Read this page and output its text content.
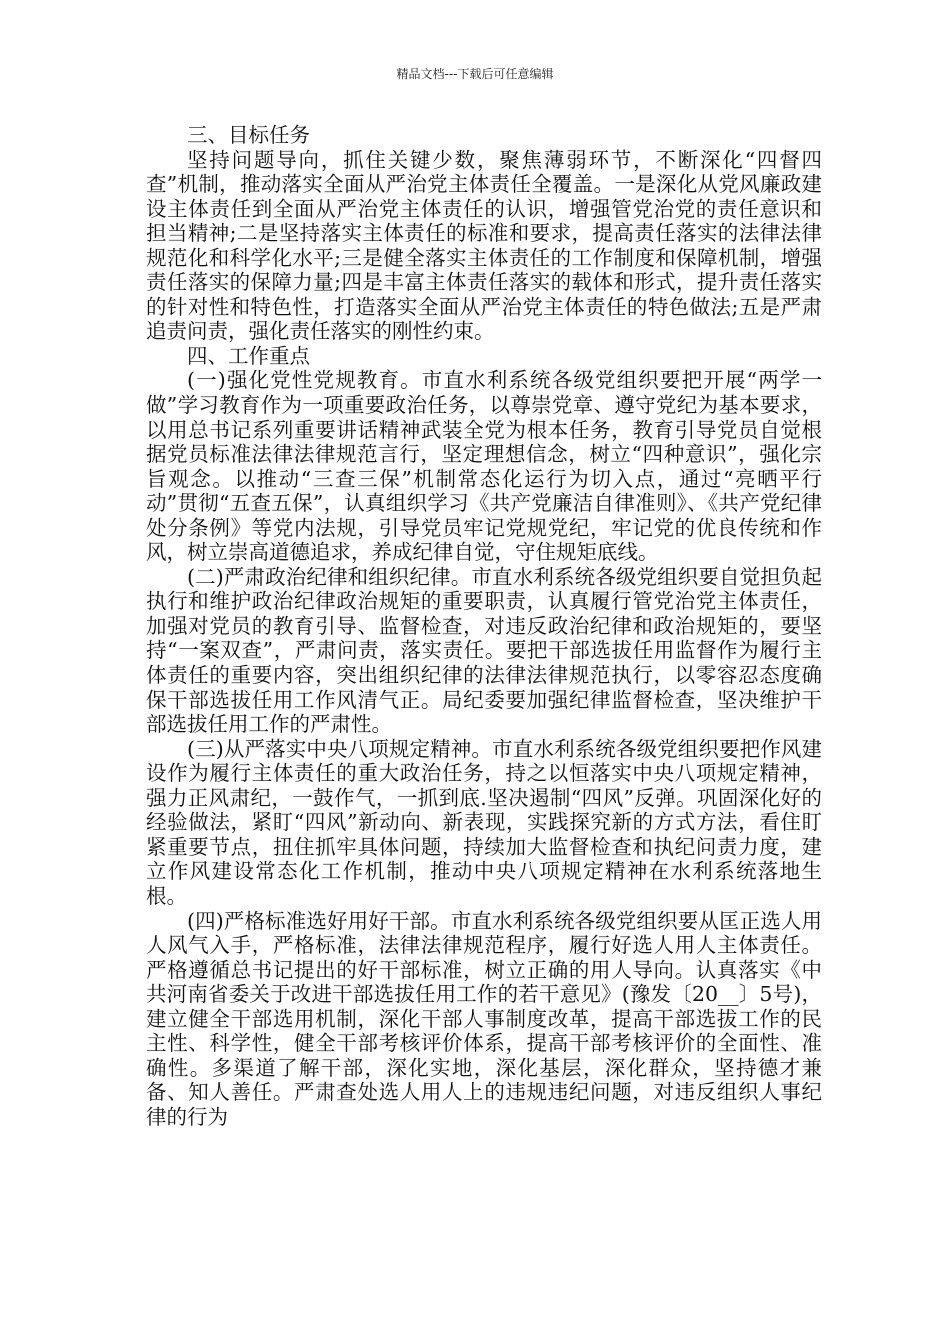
精品文档---下载后可任意编辑

三、目标任务

坚持问题导向，抓住关键少数，聚焦薄弱环节，不断深化“四督四查”机制，推动落实全面从严治党主体责任全覆盖。一是深化从党风廉政建设主体责任到全面从严治党主体责任的认识，增强管党治党的责任意识和担当精神;二是坚持落实主体责任的标准和要求，提高责任落实的法律法律规范化和科学化水平;三是健全落实主体责任的工作制度和保障机制，增强责任落实的保障力量;四是丰富主体责任落实的载体和形式，提升责任落实的针对性和特色性，打造落实全面从严治党主体责任的特色做法;五是严肃追责问责，强化责任落实的刚性约束。

四、工作重点

(一)强化党性党规教育。市直水利系统各级党组织要把开展“两学一做”学习教育作为一项重要政治任务，以尊崇党章、遵守党纪为基本要求，以用总书记系列重要讲话精神武装全党为根本任务，教育引导党员自觉根据党员标准法律法律规范言行，坚定理想信念，树立“四种意识”，强化宗旨观念。以推动“三查三保”机制常态化运行为切入点，通过“亮晒平行动”贯彻“五查五保”，认真组织学习《共产党廉洁自律准则》、《共产党纪律处分条例》等党内法规，引导党员牢记党规党纪，牢记党的优良传统和作风，树立崇高道德追求，养成纪律自觉，守住规矩底线。

(二)严肃政治纪律和组织纪律。市直水利系统各级党组织要自觉担负起执行和维护政治纪律政治规矩的重要职责，认真履行管党治党主体责任，加强对党员的教育引导、监督检查，对违反政治纪律和政治规矩的，要坚持“一案双查”，严肃问责，落实责任。要把干部选拔任用监督作为履行主体责任的重要内容，突出组织纪律的法律法律规范执行，以零容忍态度确保干部选拔任用工作风清气正。局纪委要加强纪律监督检查，坚决维护干部选拔任用工作的严肃性。

(三)从严落实中央八项规定精神。市直水利系统各级党组织要把作风建设作为履行主体责任的重大政治任务，持之以恒落实中央八项规定精神，强力正风肃纪，一鼓作气，一抓到底.坚决遏制“四风”反弹。巩固深化好的经验做法，紧盯“四风”新动向、新表现，实践探究新的方式方法，看住盯紧重要节点，扭住抓牢具体问题，持续加大监督检查和执纪问责力度，建立作风建设常态化工作机制，推动中央八项规定精神在水利系统落地生根。

(四)严格标准选好用好干部。市直水利系统各级党组织要从匡正选人用人风气入手，严格标准，法律法律规范程序，履行好选人用人主体责任。严格遵循总书记提出的好干部标准，树立正确的用人导向。认真落实《中共河南省委关于改进干部选拔任用工作的若干意见》(豫发〔20__〕5号)，建立健全干部选用机制，深化干部人事制度改革，提高干部选拔工作的民主性、科学性，健全干部考核评价体系，提高干部考核评价的全面性、准确性。多渠道了解干部，深化实地，深化基层，深化群众，坚持德才兼备、知人善任。严肃查处选人用人上的违规违纪问题，对违反组织人事纪律的行为
